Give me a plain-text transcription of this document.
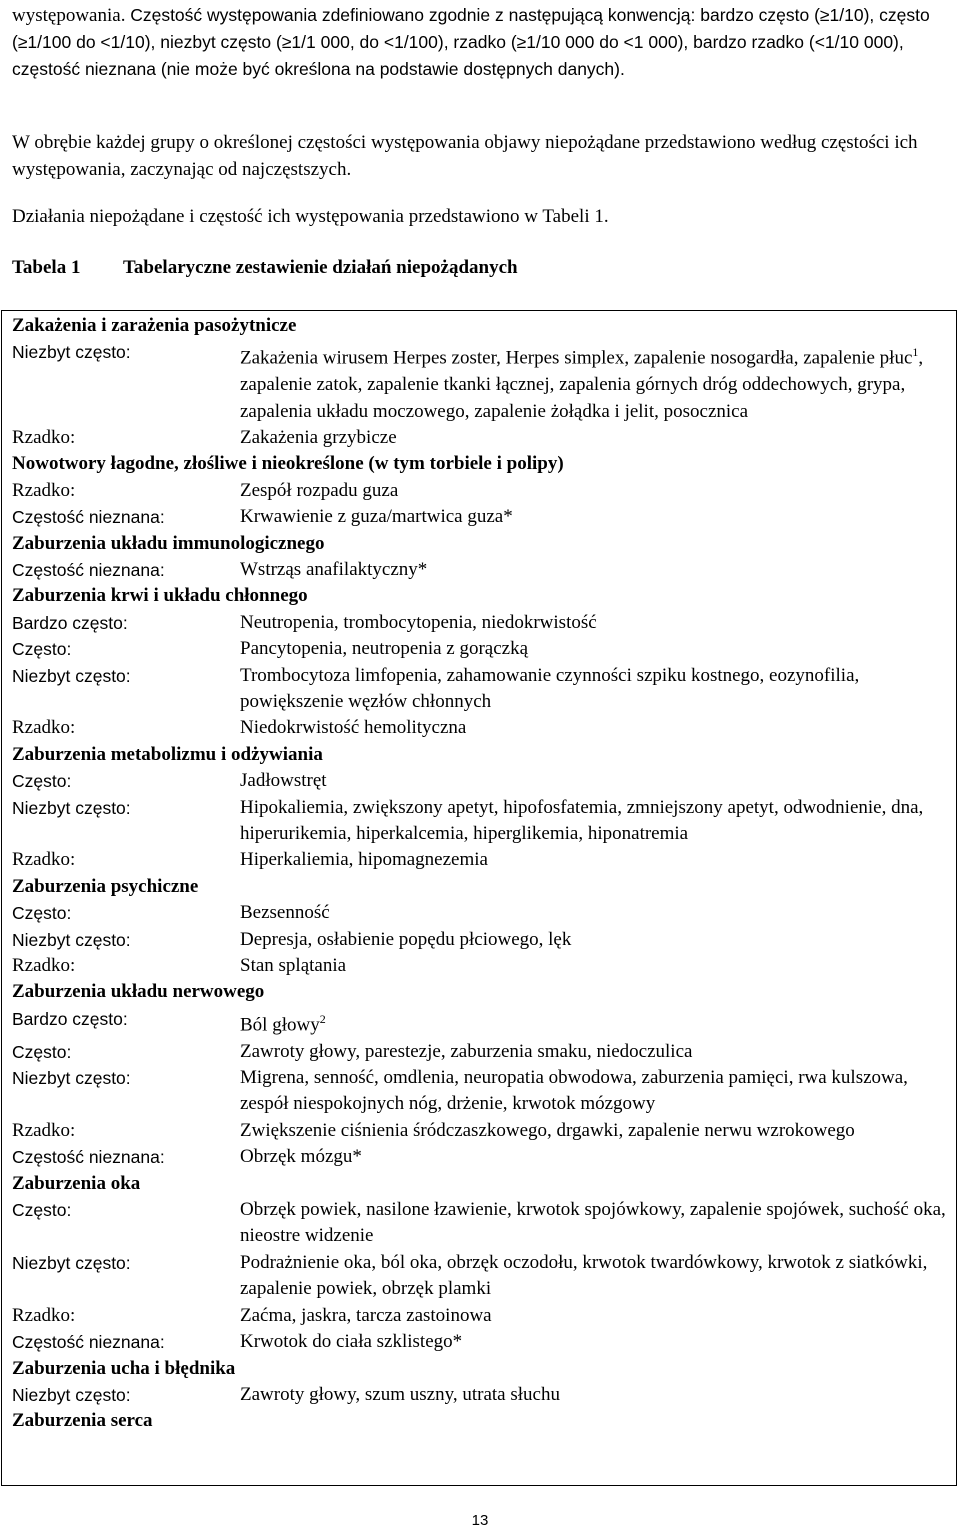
występowania. Częstość występowania zdefiniowano zgodnie z następującą konwencją: bardzo często (≥1/10), często (≥1/100 do <1/10), niezbyt często (≥1/1 000, do <1/100), rzadko (≥1/10 000 do <1 000), bardzo rzadko (<1/10 000), częstość nieznana (nie może być określona na podstawie dostępnych danych).
W obrębie każdej grupy o określonej częstości występowania objawy niepożądane przedstawiono według częstości ich występowania, zaczynając od najczęstszych.
Działania niepożądane i częstość ich występowania przedstawiono w Tabeli 1.
Tabela 1 Tabelaryczne zestawienie działań niepożądanych
Zakażenia i zarażenia pasożytnicze
Niezbyt często:	Zakażenia wirusem Herpes zoster, Herpes simplex, zapalenie nosogardła, zapalenie płuc$^1$, zapalenie zatok, zapalenie tkanki łącznej, zapalenia górnych dróg oddechowych, grypa, zapalenia układu moczowego, zapalenie żołądka i jelit, posocznica
Rzadko:	Zakażenia grzybicze
Nowotwory łagodne, złośliwe i nieokreślone (w tym torbiele i polipy)
Rzadko:	Zespół rozpadu guza
Częstość nieznana:	Krwawienie z guza/martwica guza*
Zaburzenia układu immunologicznego
Częstość nieznana:	Wstrząs anafilaktyczny*
Zaburzenia krwi i układu chłonnego
Bardzo często:	Neutropenia, trombocytopenia, niedokrwistość
Często:	Pancytopenia, neutropenia z gorączką
Niezbyt często:	Trombocytoza limfopenia, zahamowanie czynności szpiku kostnego, eozynofilia, powiększenie węzłów chłonnych
Rzadko:	Niedokrwistość hemolityczna
Zaburzenia metabolizmu i odżywiania
Często:	Jadłowstręt
Niezbyt często:	Hipokaliemia, zwiększony apetyt, hipofosfatemia, zmniejszony apetyt, odwodnienie, dna, hiperurikemia, hiperkalcemia, hiperglikemia, hiponatremia
Rzadko:	Hiperkaliemia, hipomagnezemia
Zaburzenia psychiczne
Często:	Bezsenność
Niezbyt często:	Depresja, osłabienie popędu płciowego, lęk
Rzadko:	Stan splątania
Zaburzenia układu nerwowego
Bardzo często:	Ból głowy$^2$
Często:	Zawroty głowy, parestezje, zaburzenia smaku, niedoczulica
Niezbyt często:	Migrena, senność, omdlenia, neuropatia obwodowa, zaburzenia pamięci, rwa kulszowa, zespół niespokojnych nóg, drżenie, krwotok mózgowy
Rzadko:	Zwiększenie ciśnienia śródczaszkowego, drgawki, zapalenie nerwu wzrokowego
Częstość nieznana:	Obrzęk mózgu*
Zaburzenia oka
Często:	Obrzęk powiek, nasilone łzawienie, krwotok spojówkowy, zapalenie spojówek, suchość oka, nieostre widzenie
Niezbyt często:	Podrażnienie oka, ból oka, obrzęk oczodołu, krwotok twardówkowy, krwotok z siatkówki, zapalenie powiek, obrzęk plamki
Rzadko:	Zaćma, jaskra, tarcza zastoinowa
Częstość nieznana:	Krwotok do ciała szklistego*
Zaburzenia ucha i błędnika
Niezbyt często:	Zawroty głowy, szum uszny, utrata słuchu
Zaburzenia serca
13
